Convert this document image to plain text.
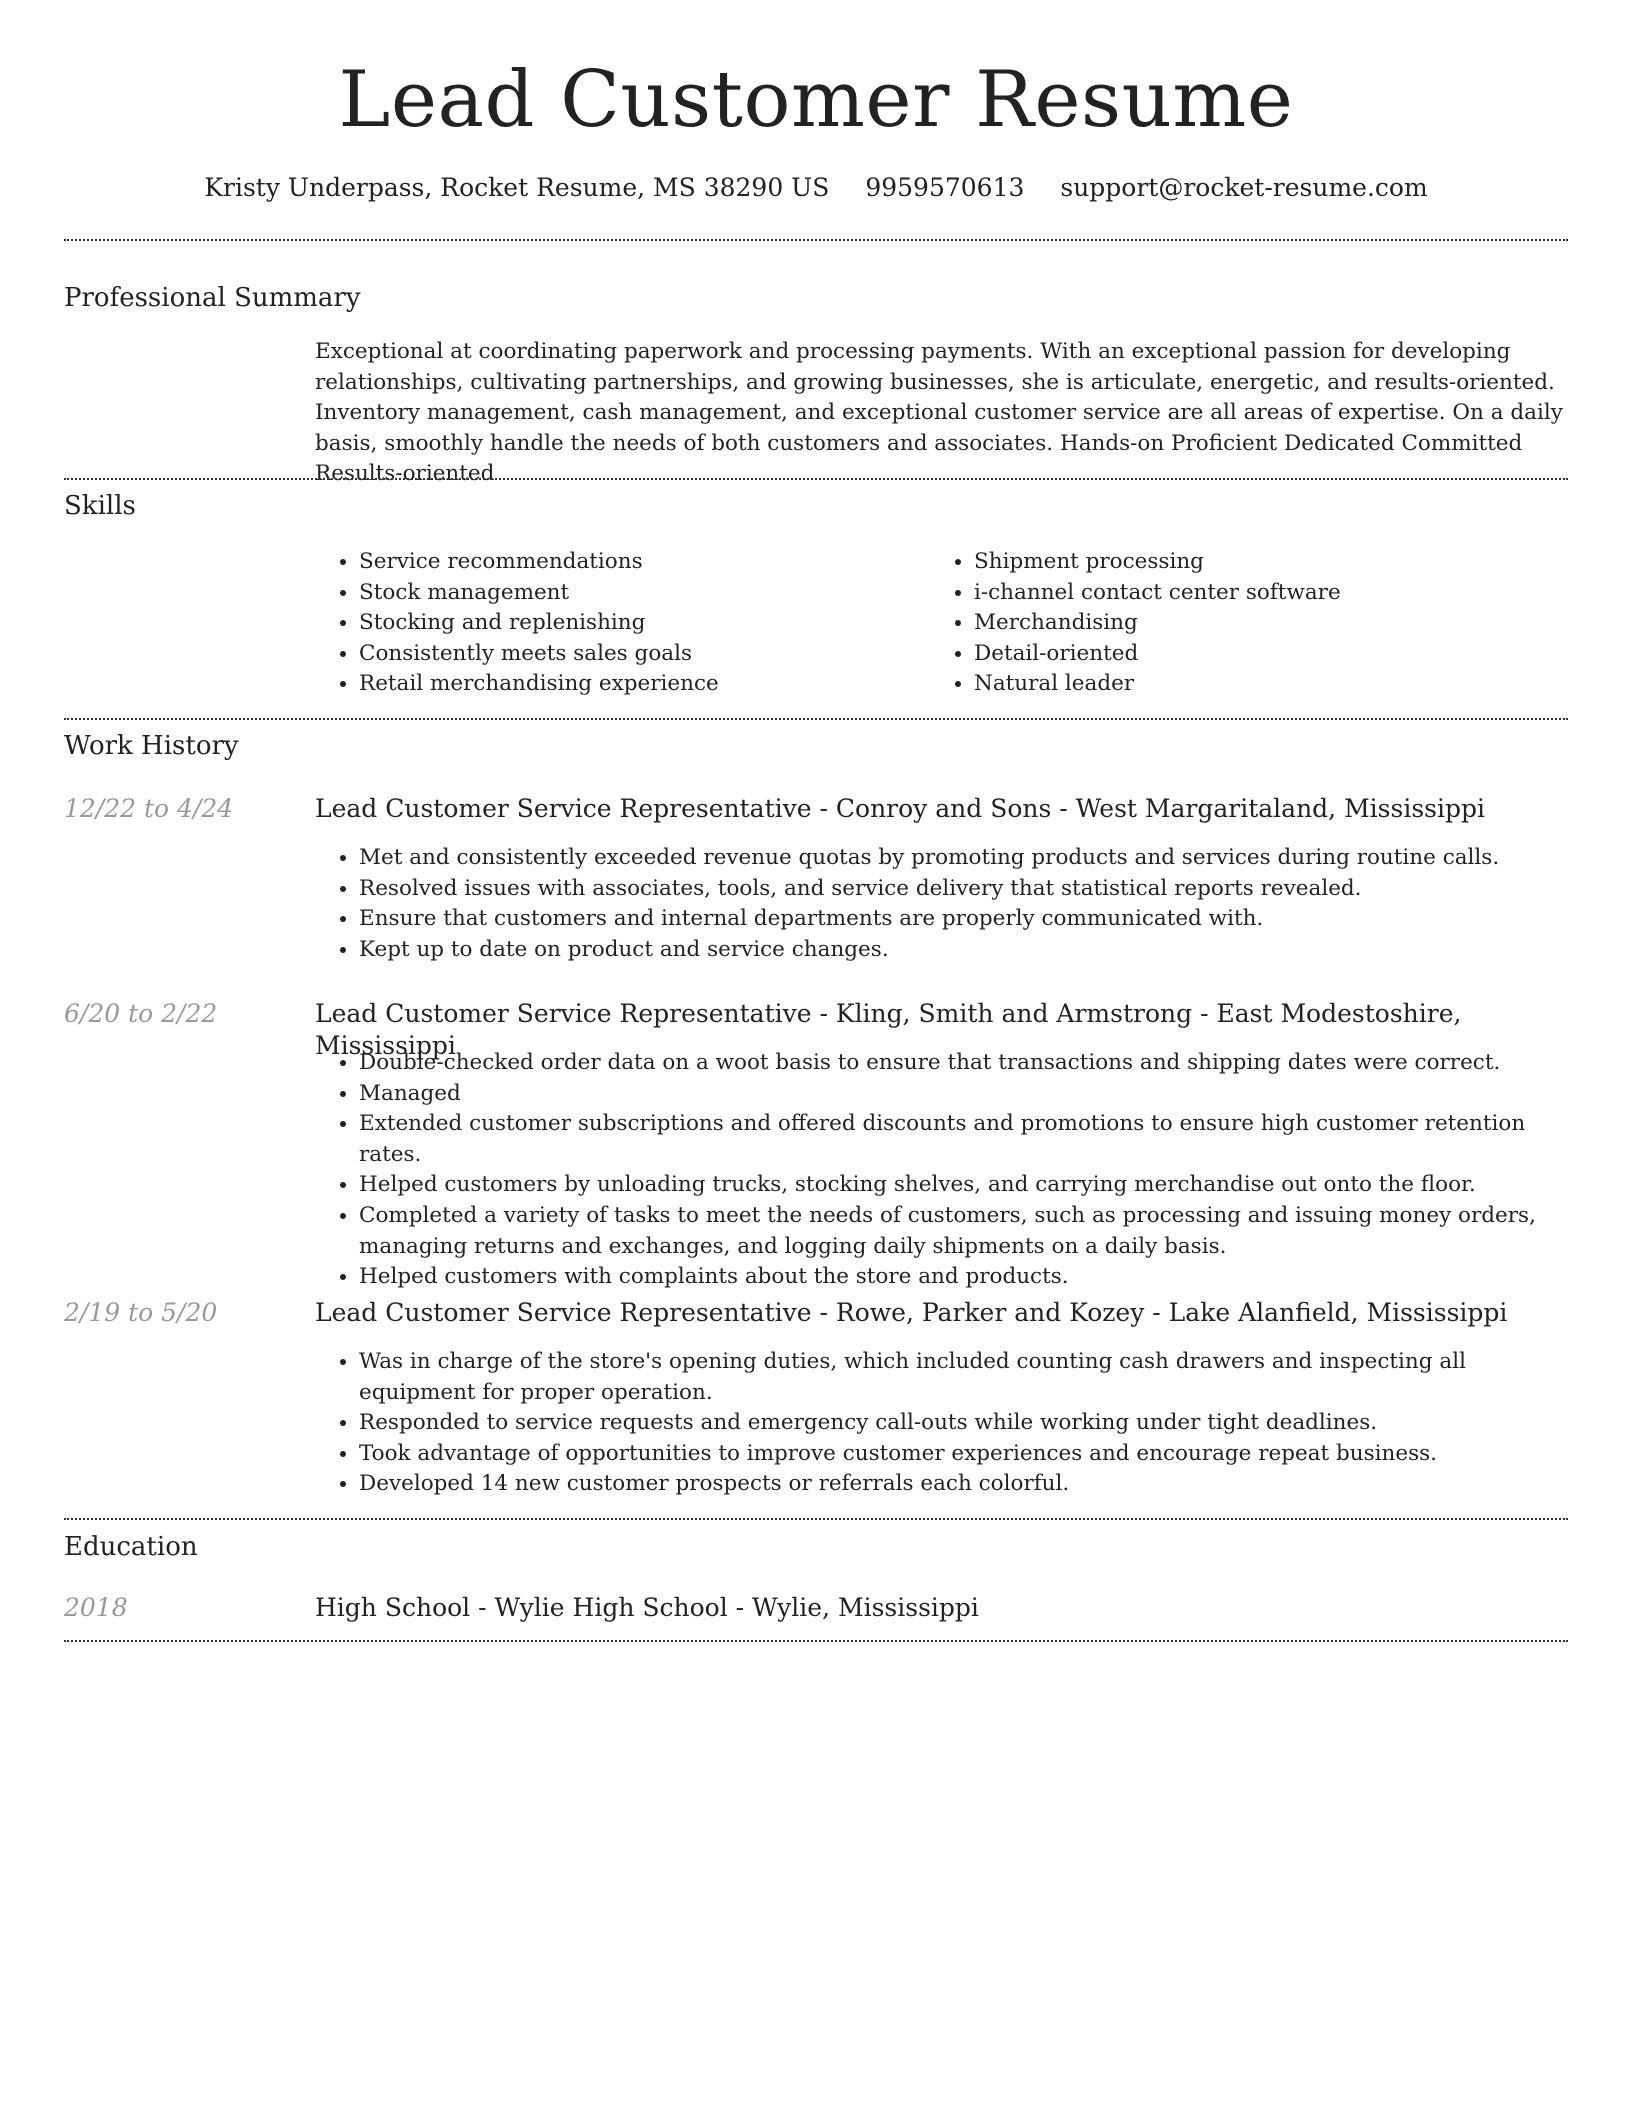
Lead Customer Resume
Kristy Underpass, Rocket Resume, MS 38290 US 9959570613 support@rocket-resume.com
Professional Summary

Exceptional at coordinating paperwork and processing payments. With an exceptional passion for developing relationships, cultivating partnerships, and growing businesses, she is articulate, energetic, and results-oriented. Inventory management, cash management, and exceptional customer service are all areas of expertise. On a daily basis, smoothly handle the needs of both customers and associates. Hands-on Proficient Dedicated Committed Results-oriented

Skills
• Service recommendations
• Stock management
• Stocking and replenishing
• Consistently meets sales goals
• Retail merchandising experience
• Shipment processing
• i-channel contact center software
• Merchandising
• Detail-oriented
• Natural leader
Work History
12/22 to 4/24	Lead Customer Service Representative - Conroy and Sons - West Margaritaland, Mississippi
• Met and consistently exceeded revenue quotas by promoting products and services during routine calls.
• Resolved issues with associates, tools, and service delivery that statistical reports revealed.
• Ensure that customers and internal departments are properly communicated with.
• Kept up to date on product and service changes.
6/20 to 2/22	Lead Customer Service Representative - Kling, Smith and Armstrong - East Modestoshire, Mississippi
• Double-checked order data on a woot basis to ensure that transactions and shipping dates were correct.
• Managed
• Extended customer subscriptions and offered discounts and promotions to ensure high customer retention rates.
• Helped customers by unloading trucks, stocking shelves, and carrying merchandise out onto the floor.
• Completed a variety of tasks to meet the needs of customers, such as processing and issuing money orders, managing returns and exchanges, and logging daily shipments on a daily basis.
• Helped customers with complaints about the store and products.
2/19 to 5/20	Lead Customer Service Representative - Rowe, Parker and Kozey - Lake Alanfield, Mississippi
• Was in charge of the store's opening duties, which included counting cash drawers and inspecting all equipment for proper operation.
• Responded to service requests and emergency call-outs while working under tight deadlines.
• Took advantage of opportunities to improve customer experiences and encourage repeat business.
• Developed 14 new customer prospects or referrals each colorful.
Education
2018	High School - Wylie High School - Wylie, Mississippi
